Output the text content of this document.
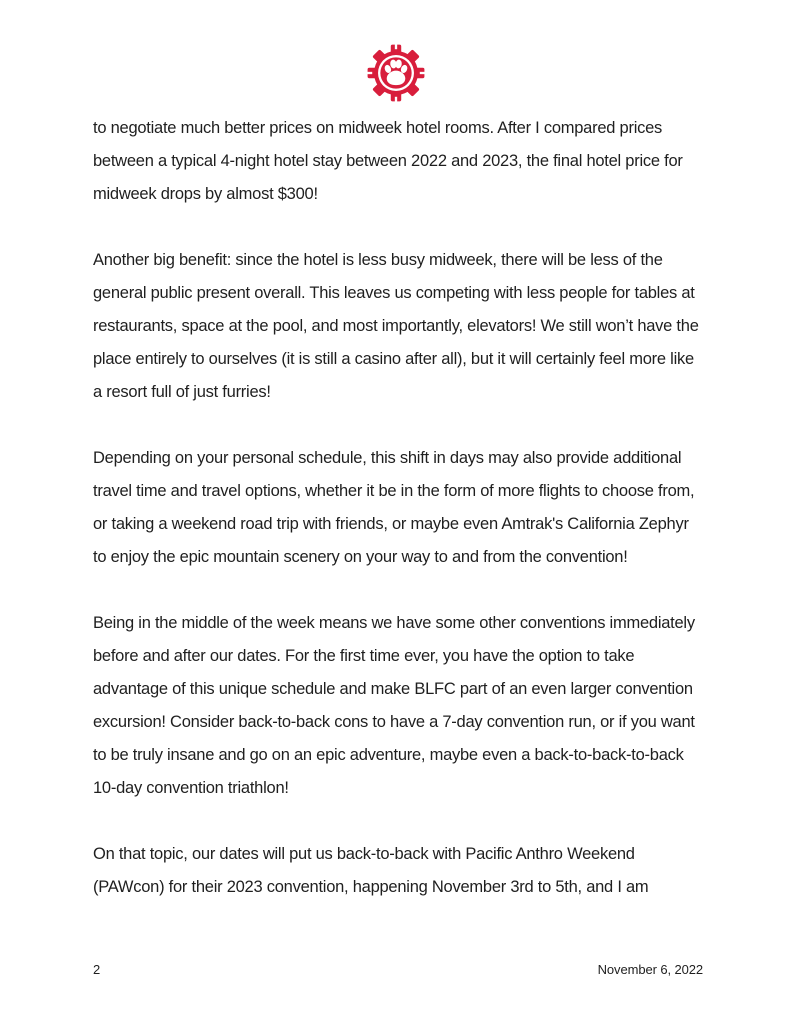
to negotiate much better prices on midweek hotel rooms. After I compared prices between a typical 4-night hotel stay between 2022 and 2023, the final hotel price for midweek drops by almost $300!

Another big benefit: since the hotel is less busy midweek, there will be less of the general public present overall. This leaves us competing with less people for tables at restaurants, space at the pool, and most importantly, elevators! We still won’t have the place entirely to ourselves (it is still a casino after all), but it will certainly feel more like a resort full of just furries!

Depending on your personal schedule, this shift in days may also provide additional travel time and travel options, whether it be in the form of more flights to choose from, or taking a weekend road trip with friends, or maybe even Amtrak's California Zephyr to enjoy the epic mountain scenery on your way to and from the convention!

Being in the middle of the week means we have some other conventions immediately before and after our dates. For the first time ever, you have the option to take advantage of this unique schedule and make BLFC part of an even larger convention excursion! Consider back-to-back cons to have a 7-day convention run, or if you want to be truly insane and go on an epic adventure, maybe even a back-to-back-to-back 10-day convention triathlon!

On that topic, our dates will put us back-to-back with Pacific Anthro Weekend (PAWcon) for their 2023 convention, happening November 3rd to 5th, and I am

2	November 6, 2022
